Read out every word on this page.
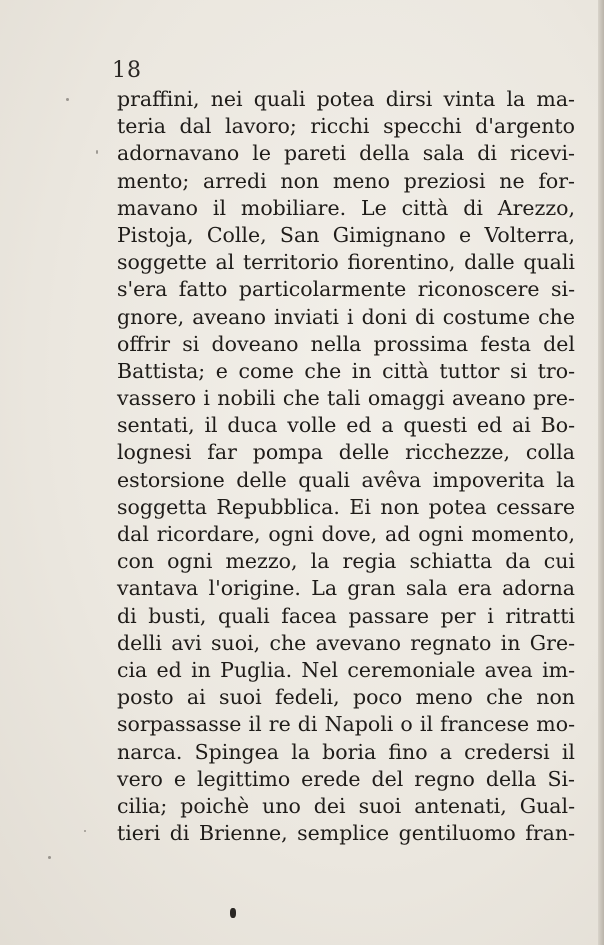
18
praffini, nei quali potea dirsi vinta la ma-
teria dal lavoro; ricchi specchi d'argento
adornavano le pareti della sala di ricevi-
mento; arredi non meno preziosi ne for-
mavano il mobiliare. Le città di Arezzo,
Pistoja, Colle, San Gimignano e Volterra,
soggette al territorio fiorentino, dalle quali
s'era fatto particolarmente riconoscere si-
gnore, aveano inviati i doni di costume che
offrir si doveano nella prossima festa del
Battista; e come che in città tuttor si tro-
vassero i nobili che tali omaggi aveano pre-
sentati, il duca volle ed a questi ed ai Bo-
lognesi far pompa delle ricchezze, colla
estorsione delle quali avêva impoverita la
soggetta Repubblica. Ei non potea cessare
dal ricordare, ogni dove, ad ogni momento,
con ogni mezzo, la regia schiatta da cui
vantava l'origine. La gran sala era adorna
di busti, quali facea passare per i ritratti
delli avi suoi, che avevano regnato in Gre-
cia ed in Puglia. Nel ceremoniale avea im-
posto ai suoi fedeli, poco meno che non
sorpassasse il re di Napoli o il francese mo-
narca. Spingea la boria fino a credersi il
vero e legittimo erede del regno della Si-
cilia; poichè uno dei suoi antenati, Gual-
tieri di Brienne, semplice gentiluomo fran-
